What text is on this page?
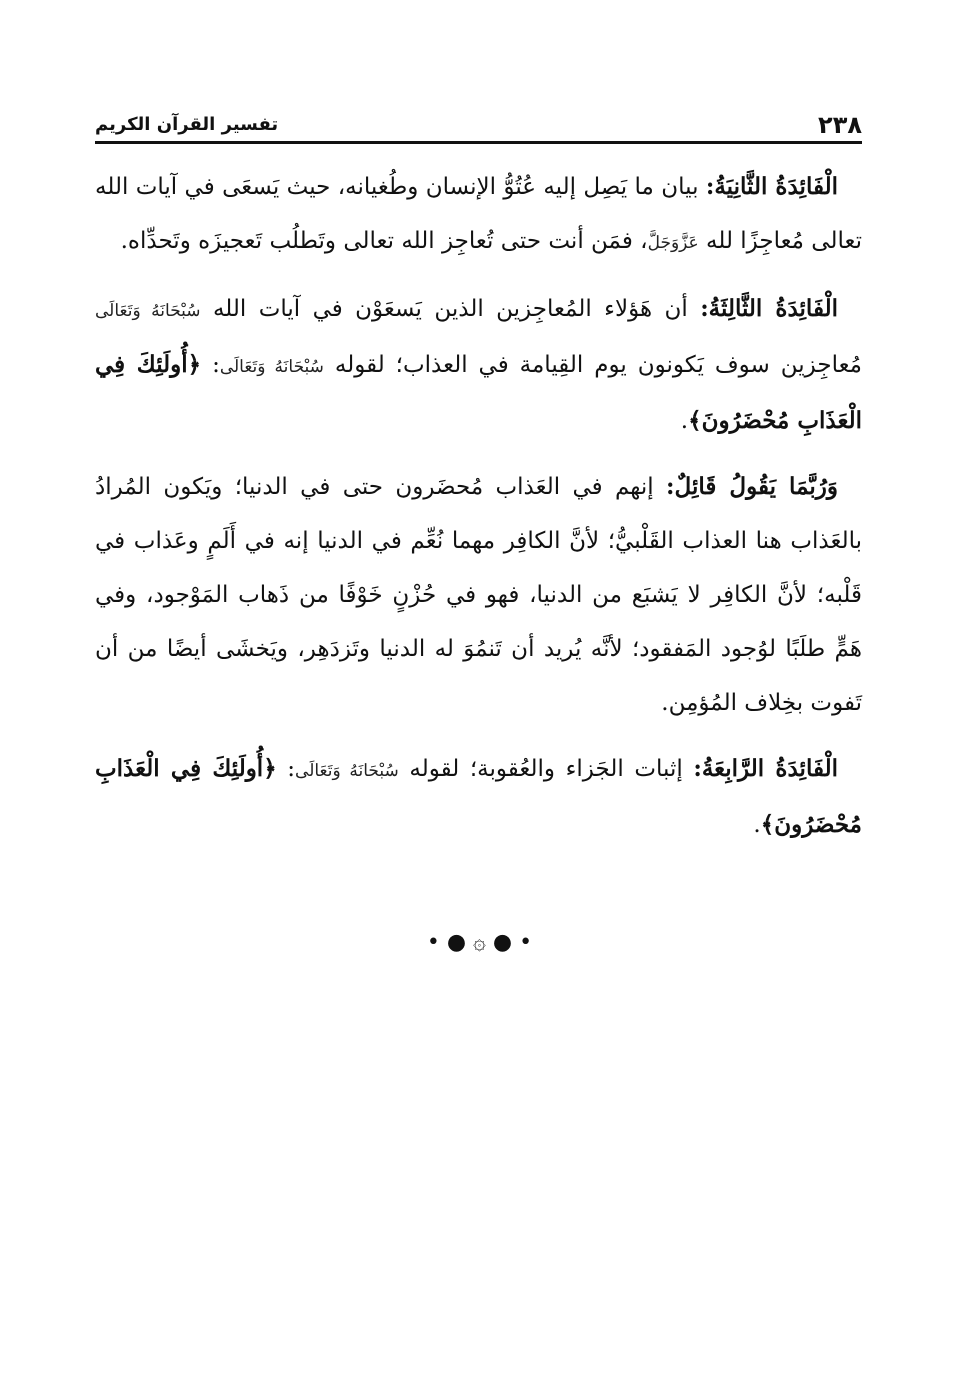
٢٣٨
تفسير القرآن الكريم

الْفَائِدَةُ الثَّانِيَةُ: بيان ما يَصِل إليه عُتُوُّ الإنسان وطُغيانه، حيث يَسعَى في آيات الله تعالى مُعاجِزًا لله عَزَّوَجَلَّ، فمَن أنت حتى تُعاجِز الله تعالى وتَطلُب تَعجيزَه وتَحدِّاه.

الْفَائِدَةُ الثَّالِثَةُ: أن هَؤلاء المُعاجِزين الذين يَسعَوْن في آيات الله سُبْحَانَهُ وَتَعَالَى مُعاجِزين سوف يَكونون يوم القِيامة في العذاب؛ لقوله سُبْحَانَهُ وَتَعَالَى: ﴿أُولَئِكَ فِي الْعَذَابِ مُحْضَرُونَ﴾.

وَرُبَّمَا يَقُولُ قَائِلٌ: إنهم في العَذاب مُحضَرون حتى في الدنيا؛ ويَكون المُرادُ بالعَذاب هنا العذاب القَلْبيُّ؛ لأنَّ الكافِر مهما نُعِّم في الدنيا إنه في أَلَمٍ وعَذاب في قَلْبه؛ لأنَّ الكافِر لا يَشبَع من الدنيا، فهو في حُزْنٍ خَوْفًا من ذَهاب المَوْجود، وفي هَمٍّ طلَبًا لوُجود المَفقود؛ لأنَّه يُريد أن تَنمُوَ له الدنيا وتَزدَهِر، ويَخشَى أيضًا من أن تَفوت بخِلاف المُؤمِن.

الْفَائِدَةُ الرَّابِعَةُ: إثبات الجَزاء والعُقوبة؛ لقوله سُبْحَانَهُ وَتَعَالَى: ﴿أُولَئِكَ فِي الْعَذَابِ مُحْضَرُونَ﴾.

• ● ۞ ● •
